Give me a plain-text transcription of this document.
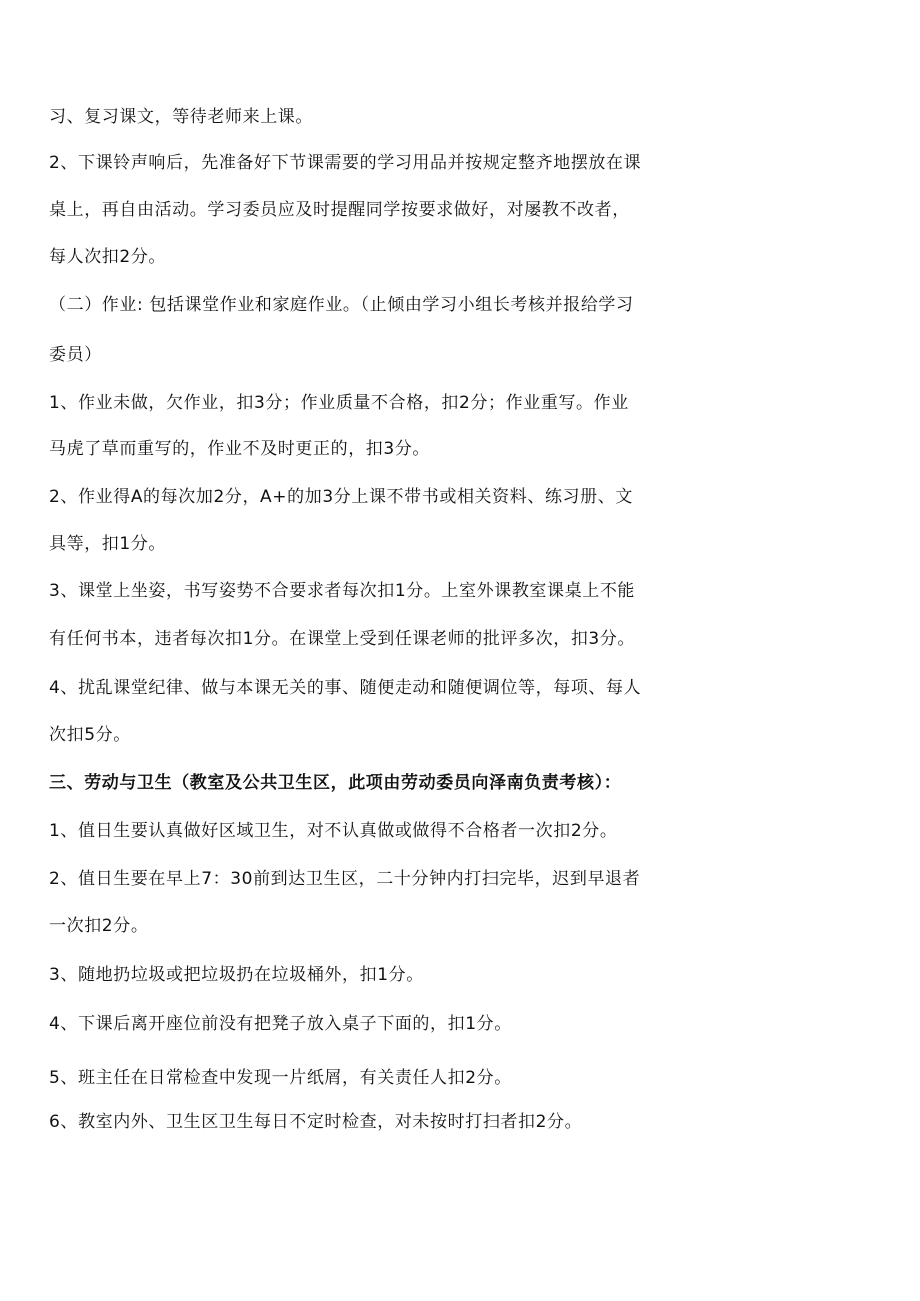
习、复习课文，等待老师来上课。
2、下课铃声响后，先准备好下节课需要的学习用品并按规定整齐地摆放在课
桌上，再自由活动。学习委员应及时提醒同学按要求做好，对屡教不改者，
每人次扣2分。
（二）作业: 包括课堂作业和家庭作业。（止倾由学习小组长考核并报给学习
委员）
1、作业未做，欠作业，扣3分；作业质量不合格，扣2分；作业重写。作业
马虎了草而重写的，作业不及时更正的，扣3分。
2、作业得A的每次加2分，A+的加3分上课不带书或相关资料、练习册、文
具等，扣1分。
3、课堂上坐姿，书写姿势不合要求者每次扣1分。上室外课教室课桌上不能
有任何书本，违者每次扣1分。在课堂上受到任课老师的批评多次，扣3分。
4、扰乱课堂纪律、做与本课无关的事、随便走动和随便调位等，每项、每人
次扣5分。
三、劳动与卫生（教室及公共卫生区，此项由劳动委员向泽南负责考核）：
1、值日生要认真做好区域卫生，对不认真做或做得不合格者一次扣2分。
2、值日生要在早上7：30前到达卫生区，二十分钟内打扫完毕，迟到早退者
一次扣2分。
3、随地扔垃圾或把垃圾扔在垃圾桶外，扣1分。
4、下课后离开座位前没有把凳子放入桌子下面的，扣1分。
5、班主任在日常检查中发现一片纸屑，有关责任人扣2分。
6、教室内外、卫生区卫生每日不定时检查，对未按时打扫者扣2分。
